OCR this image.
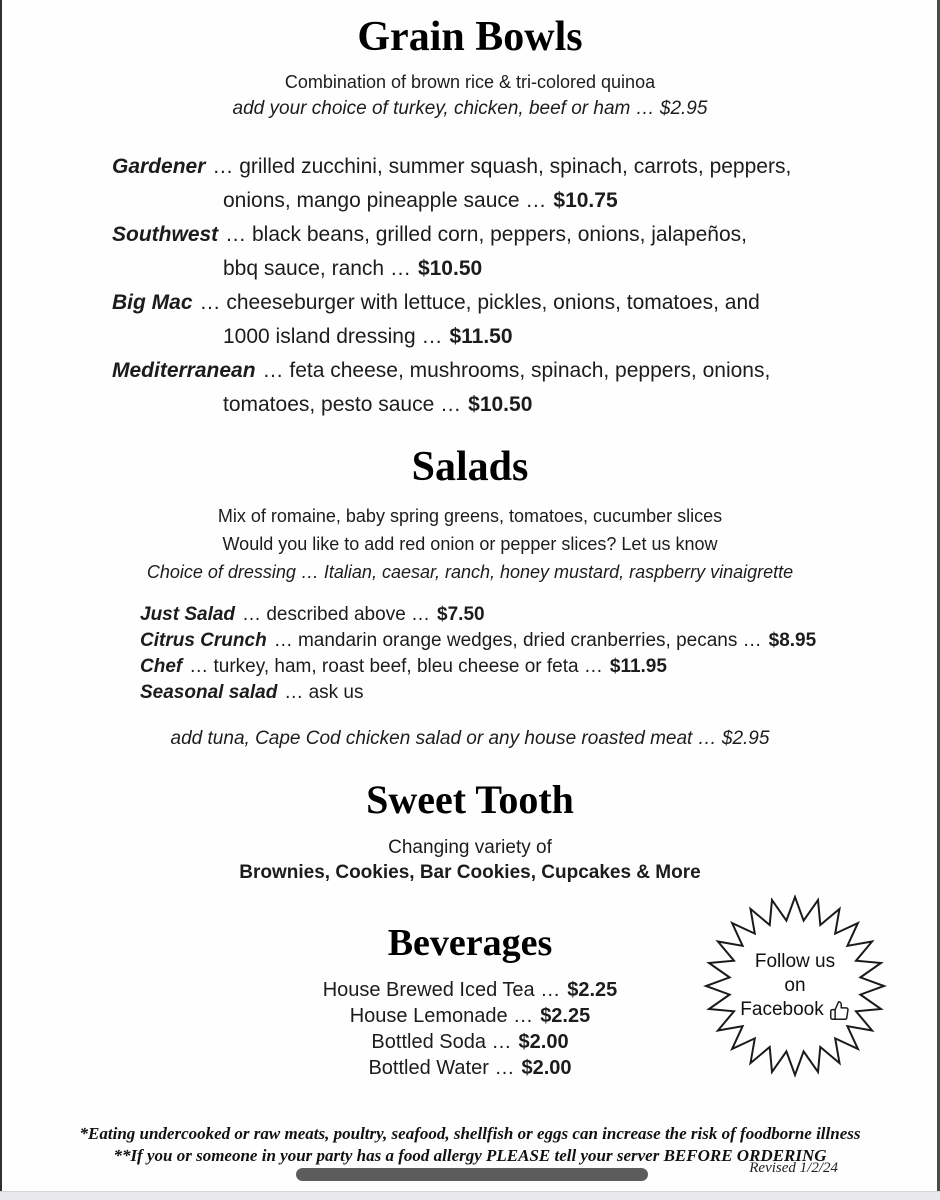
Grain Bowls
Combination of brown rice & tri-colored quinoa
add your choice of turkey, chicken, beef or ham … $2.95
Gardener … grilled zucchini, summer squash, spinach, carrots, peppers,
onions, mango pineapple sauce … $10.75
Southwest … black beans, grilled corn, peppers, onions, jalapeños,
bbq sauce, ranch … $10.50
Big Mac … cheeseburger with lettuce, pickles, onions, tomatoes, and
1000 island dressing … $11.50
Mediterranean … feta cheese, mushrooms, spinach, peppers, onions,
tomatoes, pesto sauce … $10.50
Salads
Mix of romaine, baby spring greens, tomatoes, cucumber slices
Would you like to add red onion or pepper slices? Let us know
Choice of dressing … Italian, caesar, ranch, honey mustard, raspberry vinaigrette
Just Salad … described above … $7.50
Citrus Crunch … mandarin orange wedges, dried cranberries, pecans … $8.95
Chef … turkey, ham, roast beef, bleu cheese or feta … $11.95
Seasonal salad … ask us
add tuna, Cape Cod chicken salad or any house roasted meat … $2.95
Sweet Tooth
Changing variety of
Brownies, Cookies, Bar Cookies, Cupcakes & More
Beverages
House Brewed Iced Tea … $2.25
House Lemonade … $2.25
Bottled Soda … $2.00
Bottled Water … $2.00
Follow us
on
Facebook
*Eating undercooked or raw meats, poultry, seafood, shellfish or eggs can increase the risk of foodborne illness
**If you or someone in your party has a food allergy PLEASE tell your server BEFORE ORDERING
Revised 1/2/24
